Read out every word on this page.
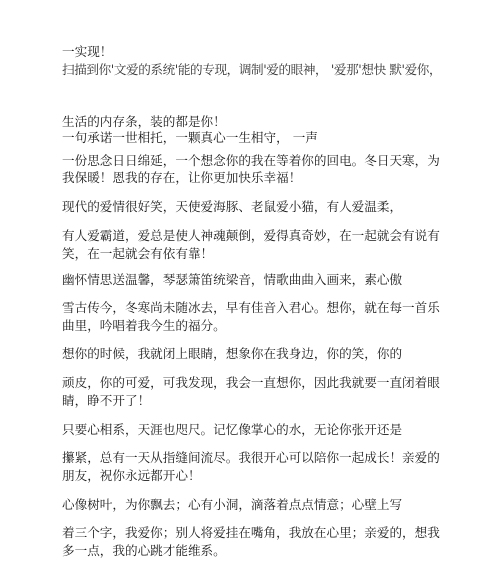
一实现！
扫描到你'文爱的系统'能的专现，调制'爱的眼神， '爱那'想快 默'爱你，
生活的内存条，装的都是你！
一句承诺一世相托，一颗真心一生相守， 一声
一份思念日日绵延，一个想念你的我在等着你的回电。冬日天寒，为
我保暖！恩我的存在，让你更加快乐幸福！
现代的爱情很好笑，天使爱海豚、老鼠爱小猫，有人爱温柔，
有人爱霸道，爱总是使人神魂颠倒，爱得真奇妙，在一起就会有说有
笑，在一起就会有依有靠！
幽怀情思送温馨，琴瑟箫笛统梁音，情歌曲曲入画来，素心傲
雪古传今，冬寒尚未随冰去，早有佳音入君心。想你，就在每一首乐
曲里，吟唱着我今生的福分。
想你的时候，我就闭上眼睛，想象你在我身边，你的笑，你的
顽皮，你的可爱，可我发现，我会一直想你，因此我就要一直闭着眼
睛，睁不开了！
只要心相系，天涯也咫尺。记忆像掌心的水，无论你张开还是
攥紧，总有一天从指缝间流尽。我很开心可以陪你一起成长！亲爱的
朋友，祝你永远都开心！
心像树叶，为你飘去；心有小洞，滴落着点点情意；心壁上写
着三个字，我爱你；别人将爱挂在嘴角，我放在心里；亲爱的，想我
多一点，我的心跳才能维系。
